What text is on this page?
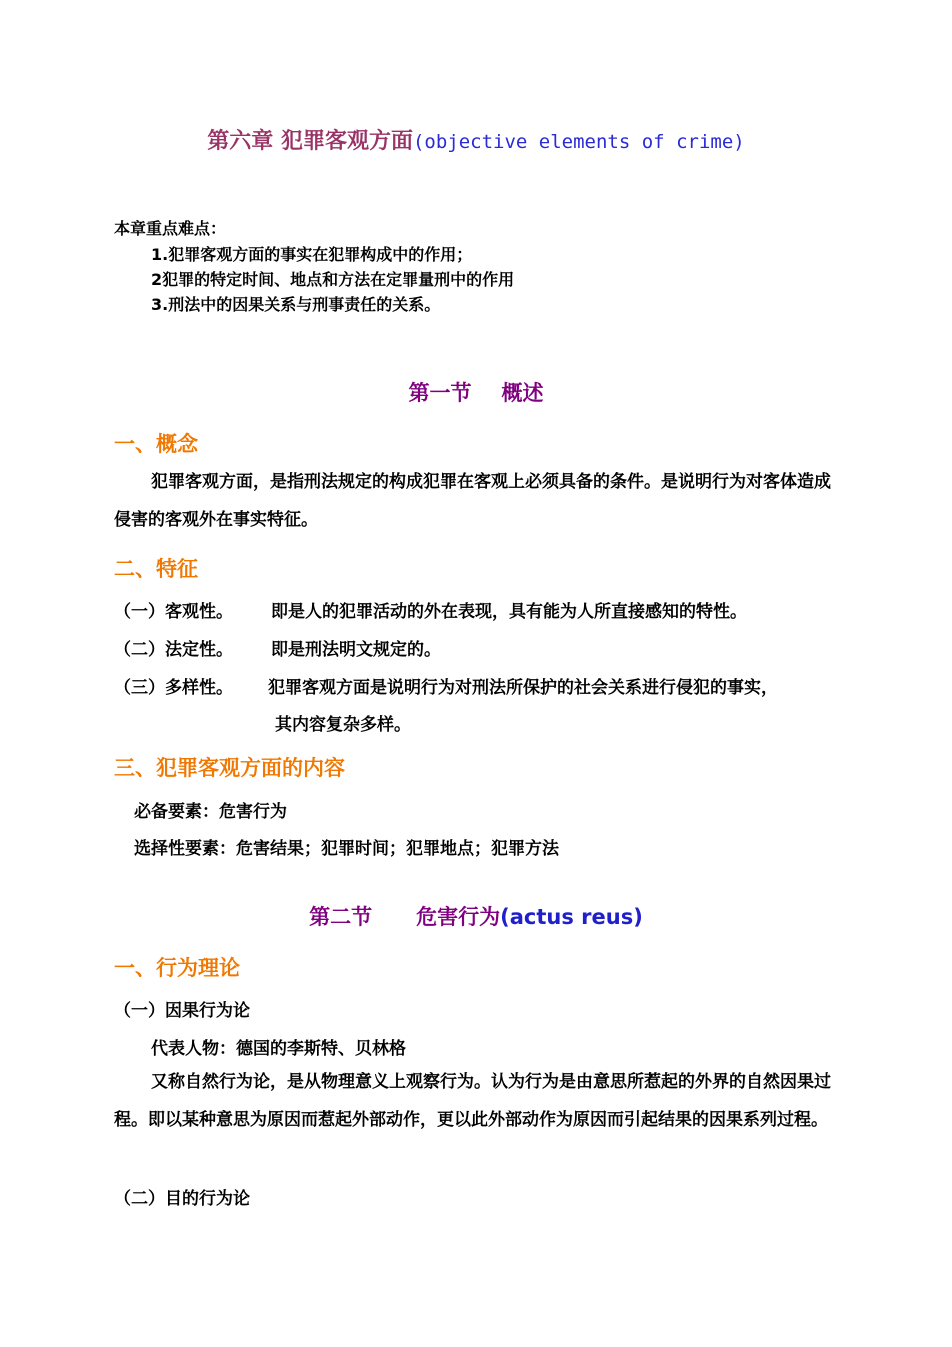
第六章 犯罪客观方面(objective elements of crime)
本章重点难点：
1.犯罪客观方面的事实在犯罪构成中的作用；
2犯罪的特定时间、地点和方法在定罪量刑中的作用
3.刑法中的因果关系与刑事责任的关系。
第一节 概述
一、概念
犯罪客观方面，是指刑法规定的构成犯罪在客观上必须具备的条件。是说明行为对客体造成侵害的客观外在事实特征。
二、特征
（一）客观性。 即是人的犯罪活动的外在表现，具有能为人所直接感知的特性。
（二）法定性。 即是刑法明文规定的。
（三）多样性。 犯罪客观方面是说明行为对刑法所保护的社会关系进行侵犯的事实，
其内容复杂多样。
三、犯罪客观方面的内容
必备要素：危害行为
选择性要素：危害结果；犯罪时间；犯罪地点；犯罪方法
第二节 危害行为(actus reus)
一、行为理论
（一）因果行为论
代表人物：德国的李斯特、贝林格
又称自然行为论，是从物理意义上观察行为。认为行为是由意思所惹起的外界的自然因果过程。即以某种意思为原因而惹起外部动作，更以此外部动作为原因而引起结果的因果系列过程。
（二）目的行为论
